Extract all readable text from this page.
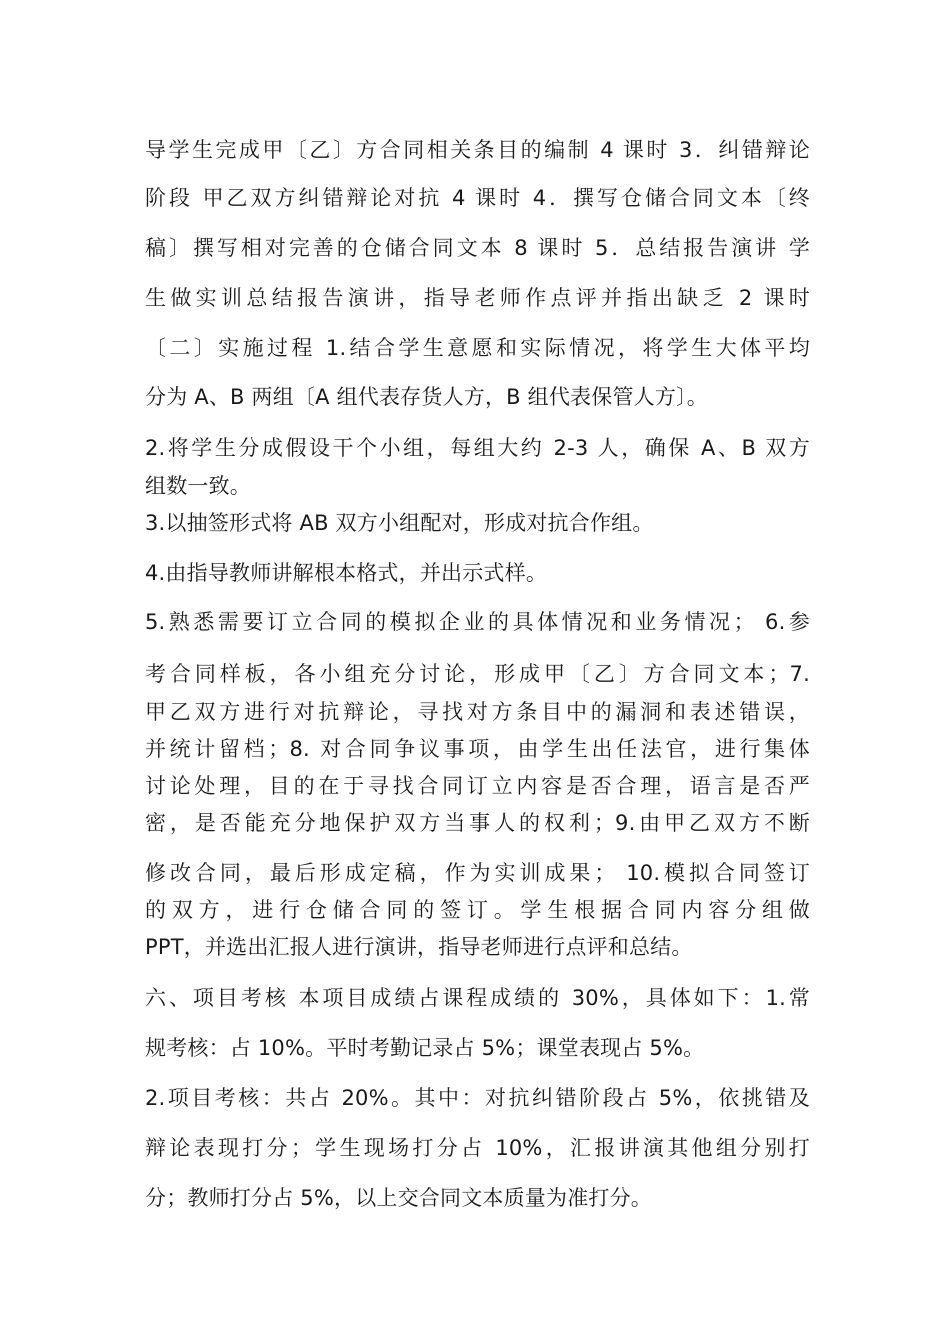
导学生完成甲〔乙〕方合同相关条目的编制 4 课时 3．纠错辩论
阶段 甲乙双方纠错辩论对抗 4 课时 4．撰写仓储合同文本〔终
稿〕撰写相对完善的仓储合同文本 8 课时 5．总结报告演讲 学
生做实训总结报告演讲，指导老师作点评并指出缺乏 2 课时
〔二〕实施过程 1.结合学生意愿和实际情况，将学生大体平均
分为 A、B 两组〔A 组代表存货人方，B 组代表保管人方〕。
2.将学生分成假设干个小组，每组大约 2-3 人，确保 A、B 双方
组数一致。
3.以抽签形式将 AB 双方小组配对，形成对抗合作组。
4.由指导教师讲解根本格式，并出示式样。
5.熟悉需要订立合同的模拟企业的具体情况和业务情况； 6.参
考合同样板，各小组充分讨论，形成甲〔乙〕方合同文本；7.
甲乙双方进行对抗辩论，寻找对方条目中的漏洞和表述错误，
并统计留档；8. 对合同争议事项，由学生出任法官，进行集体
讨论处理，目的在于寻找合同订立内容是否合理，语言是否严
密，是否能充分地保护双方当事人的权利；9.由甲乙双方不断
修改合同，最后形成定稿，作为实训成果； 10.模拟合同签订
的双方，进行仓储合同的签订。学生根据合同内容分组做
PPT，并选出汇报人进行演讲，指导老师进行点评和总结。
六、项目考核 本项目成绩占课程成绩的 30%，具体如下：1.常
规考核：占 10%。平时考勤记录占 5%；课堂表现占 5%。
2.项目考核：共占 20%。其中：对抗纠错阶段占 5%，依挑错及
辩论表现打分；学生现场打分占 10%，汇报讲演其他组分别打
分；教师打分占 5%，以上交合同文本质量为准打分。
